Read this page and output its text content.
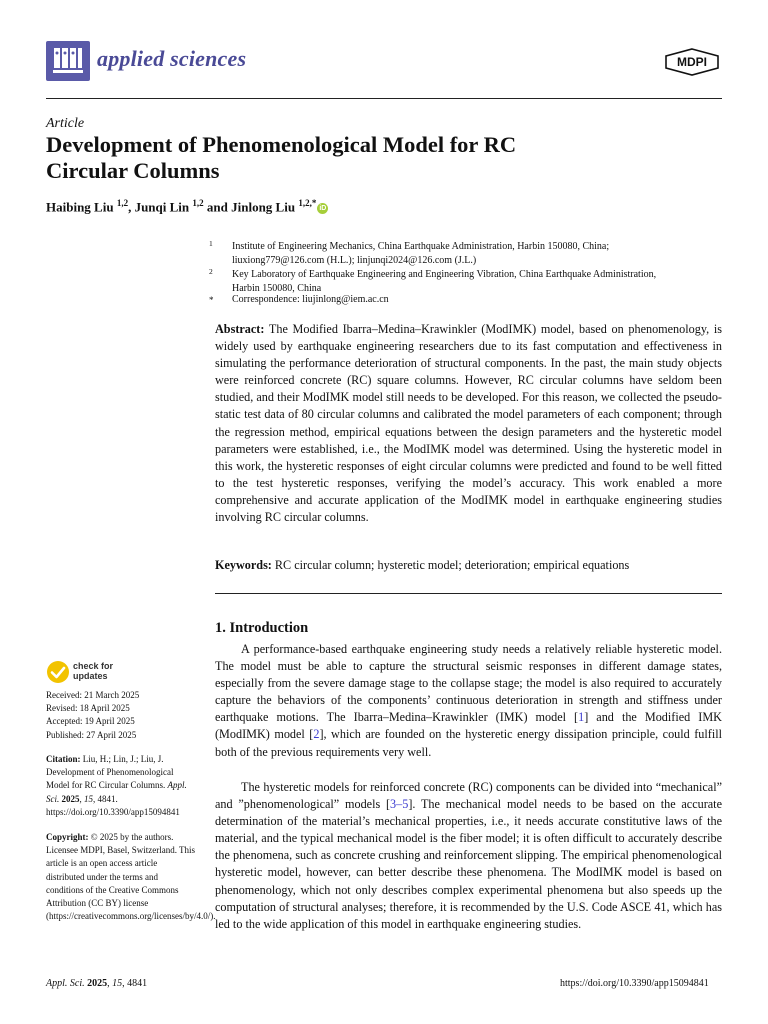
applied sciences	MDPI
Article
Development of Phenomenological Model for RC
Circular Columns
Haibing Liu $^{1,2}$, Junqi Lin $^{1,2}$ and Jinlong Liu $^{1,2,*}$iD
1	Institute of Engineering Mechanics, China Earthquake Administration, Harbin 150080, China;
liuxiong779@126.com (H.L.); linjunqi2024@126.com (J.L.)
2	Key Laboratory of Earthquake Engineering and Engineering Vibration, China Earthquake Administration,
Harbin 150080, China
*	Correspondence: liujinlong@iem.ac.cn
Abstract: The Modified Ibarra–Medina–Krawinkler (ModIMK) model, based on phenomenology, is widely used by earthquake engineering researchers due to its fast computation and effectiveness in simulating the performance deterioration of structural components. In the past, the main study objects were reinforced concrete (RC) square columns. However, RC circular columns have seldom been studied, and their ModIMK model still needs to be developed. For this reason, we collected the pseudo-static test data of 80 circular columns and calibrated the model parameters of each component; through the regression method, empirical equations between the design parameters and the hysteretic model parameters were established, i.e., the ModIMK model was determined. Using the hysteretic model in this work, the hysteretic responses of eight circular columns were predicted and found to be well fitted to the test hysteretic responses, verifying the model’s accuracy. This work enabled a more comprehensive and accurate application of the ModIMK model in earthquake engineering studies involving RC circular columns.
Keywords: RC circular column; hysteretic model; deterioration; empirical equations
1. Introduction
A performance-based earthquake engineering study needs a relatively reliable hysteretic model. The model must be able to capture the structural seismic responses in different damage states, especially from the severe damage stage to the collapse stage; the model is also required to accurately capture the behaviors of the components’ continuous deterioration in strength and stiffness under earthquake motions. The Ibarra–Medina–Krawinkler (IMK) model [1] and the Modified IMK (ModIMK) model [2], which are founded on the hysteretic energy dissipation principle, could fulfill both of the previous requirements very well.
The hysteretic models for reinforced concrete (RC) components can be divided into “mechanical” and ”phenomenological” models [3–5]. The mechanical model needs to be based on the accurate determination of the material’s mechanical properties, i.e., it needs accurate constitutive laws of the material, and the typical mechanical model is the fiber model; it is often difficult to accurately describe the phenomena, such as concrete crushing and reinforcement slipping. The empirical phenomenological hysteretic model, however, can better describe these phenomena. The ModIMK model is based on phenomenology, which not only describes complex experimental phenomena but also speeds up the computation of structural analyses; therefore, it is recommended by the U.S. Code ASCE 41, which has led to the wide application of this model in earthquake engineering studies.
check for
updates
Received: 21 March 2025
Revised: 18 April 2025
Accepted: 19 April 2025
Published: 27 April 2025
Citation: Liu, H.; Lin, J.; Liu, J. Development of Phenomenological Model for RC Circular Columns. Appl. Sci. 2025, 15, 4841. https://doi.org/10.3390/app15094841
Copyright: © 2025 by the authors. Licensee MDPI, Basel, Switzerland. This article is an open access article distributed under the terms and conditions of the Creative Commons Attribution (CC BY) license (https://creativecommons.org/licenses/by/4.0/).
Appl. Sci. 2025, 15, 4841	https://doi.org/10.3390/app15094841
